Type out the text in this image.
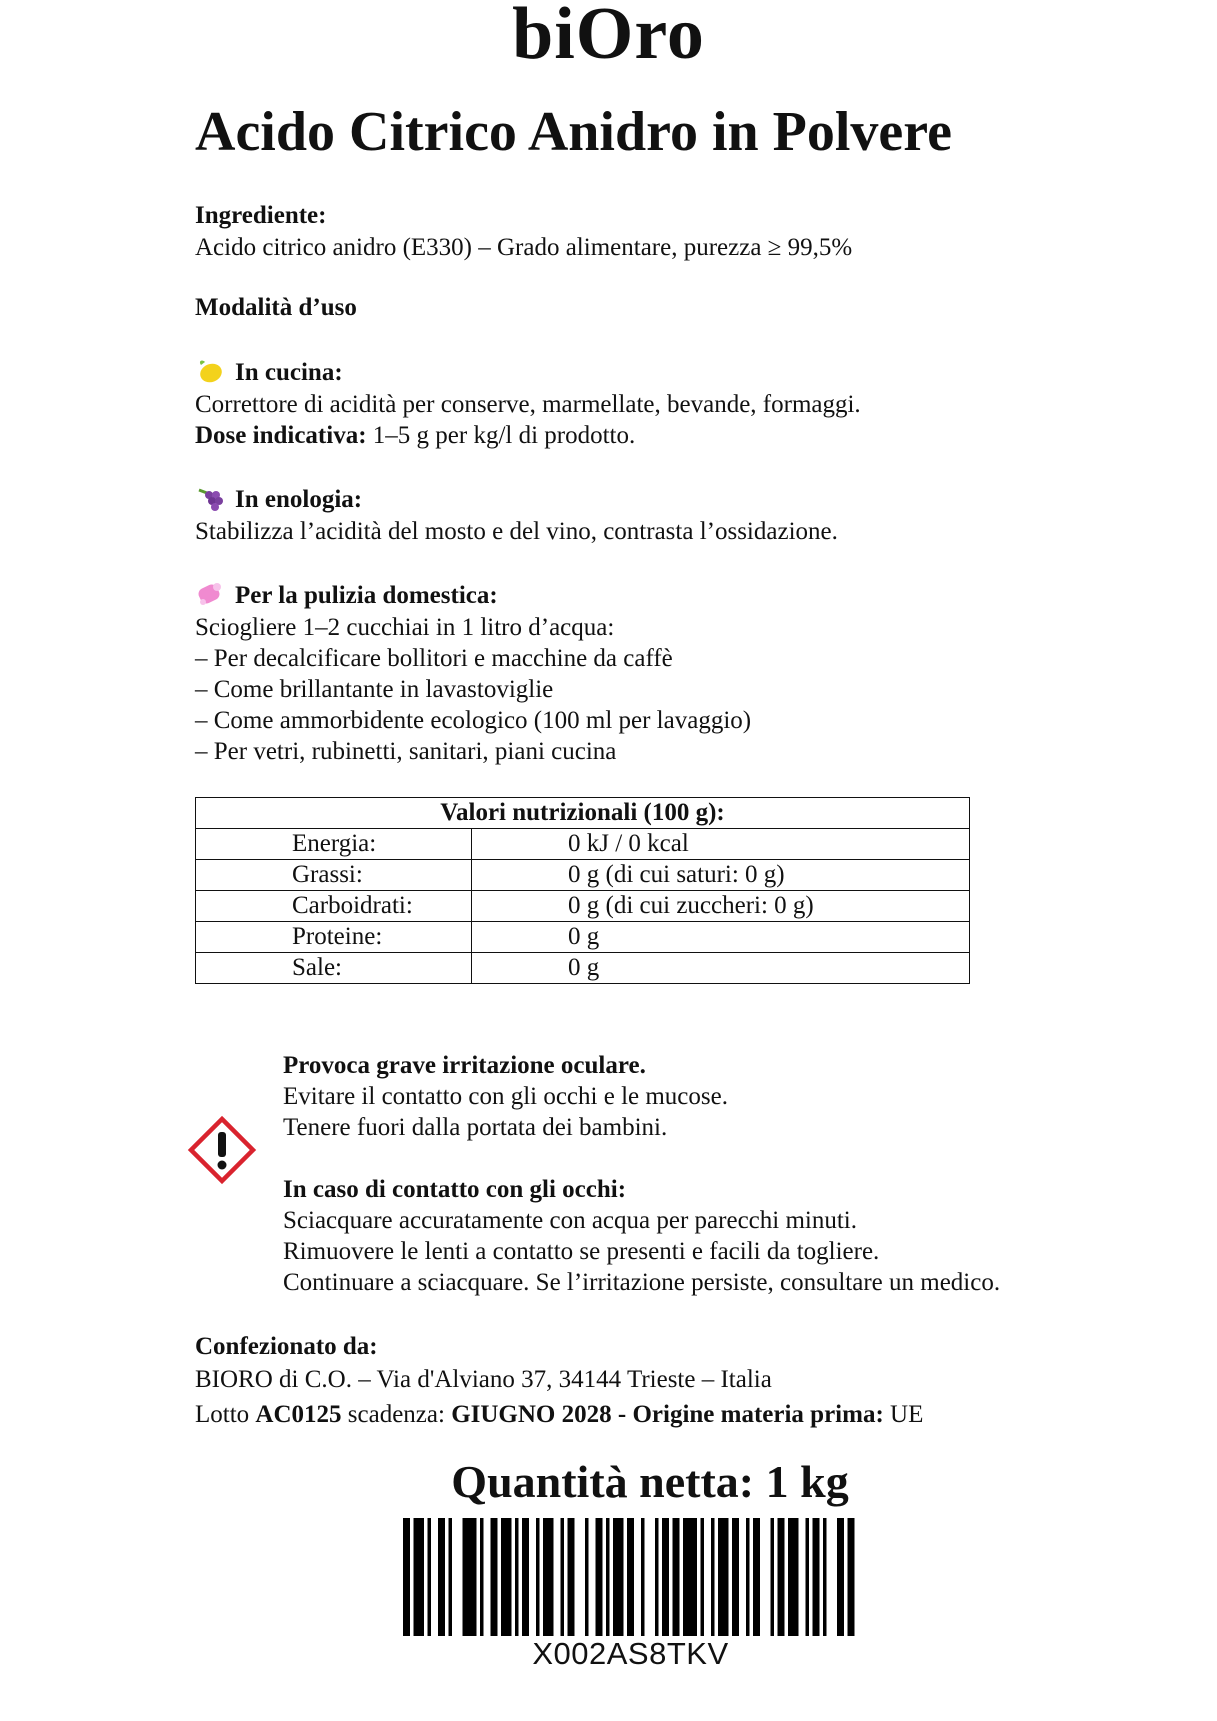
biOro
Acido Citrico Anidro in Polvere
Ingrediente:
Acido citrico anidro (E330) – Grado alimentare, purezza ≥ 99,5%
Modalità d’uso
In cucina:
Correttore di acidità per conserve, marmellate, bevande, formaggi.
Dose indicativa: 1–5 g per kg/l di prodotto.
In enologia:
Stabilizza l’acidità del mosto e del vino, contrasta l’ossidazione.
Per la pulizia domestica:
Sciogliere 1–2 cucchiai in 1 litro d’acqua:
– Per decalcificare bollitori e macchine da caffè
– Come brillantante in lavastoviglie
– Come ammorbidente ecologico (100 ml per lavaggio)
– Per vetri, rubinetti, sanitari, piani cucina
Valori nutrizionali (100 g):	
Energia:	0 kJ / 0 kcal
Grassi:	0 g (di cui saturi: 0 g)
Carboidrati:	0 g (di cui zuccheri: 0 g)
Proteine:	0 g
Sale:	0 g
Provoca grave irritazione oculare.
Evitare il contatto con gli occhi e le mucose.
Tenere fuori dalla portata dei bambini.
In caso di contatto con gli occhi:
Sciacquare accuratamente con acqua per parecchi minuti.
Rimuovere le lenti a contatto se presenti e facili da togliere.
Continuare a sciacquare. Se l’irritazione persiste, consultare un medico.
Confezionato da:
BIORO di C.O. – Via d'Alviano 37, 34144 Trieste – Italia
Lotto AC0125 scadenza: GIUGNO 2028 - Origine materia prima: UE
Quantità netta: 1 kg
X002AS8TKV
